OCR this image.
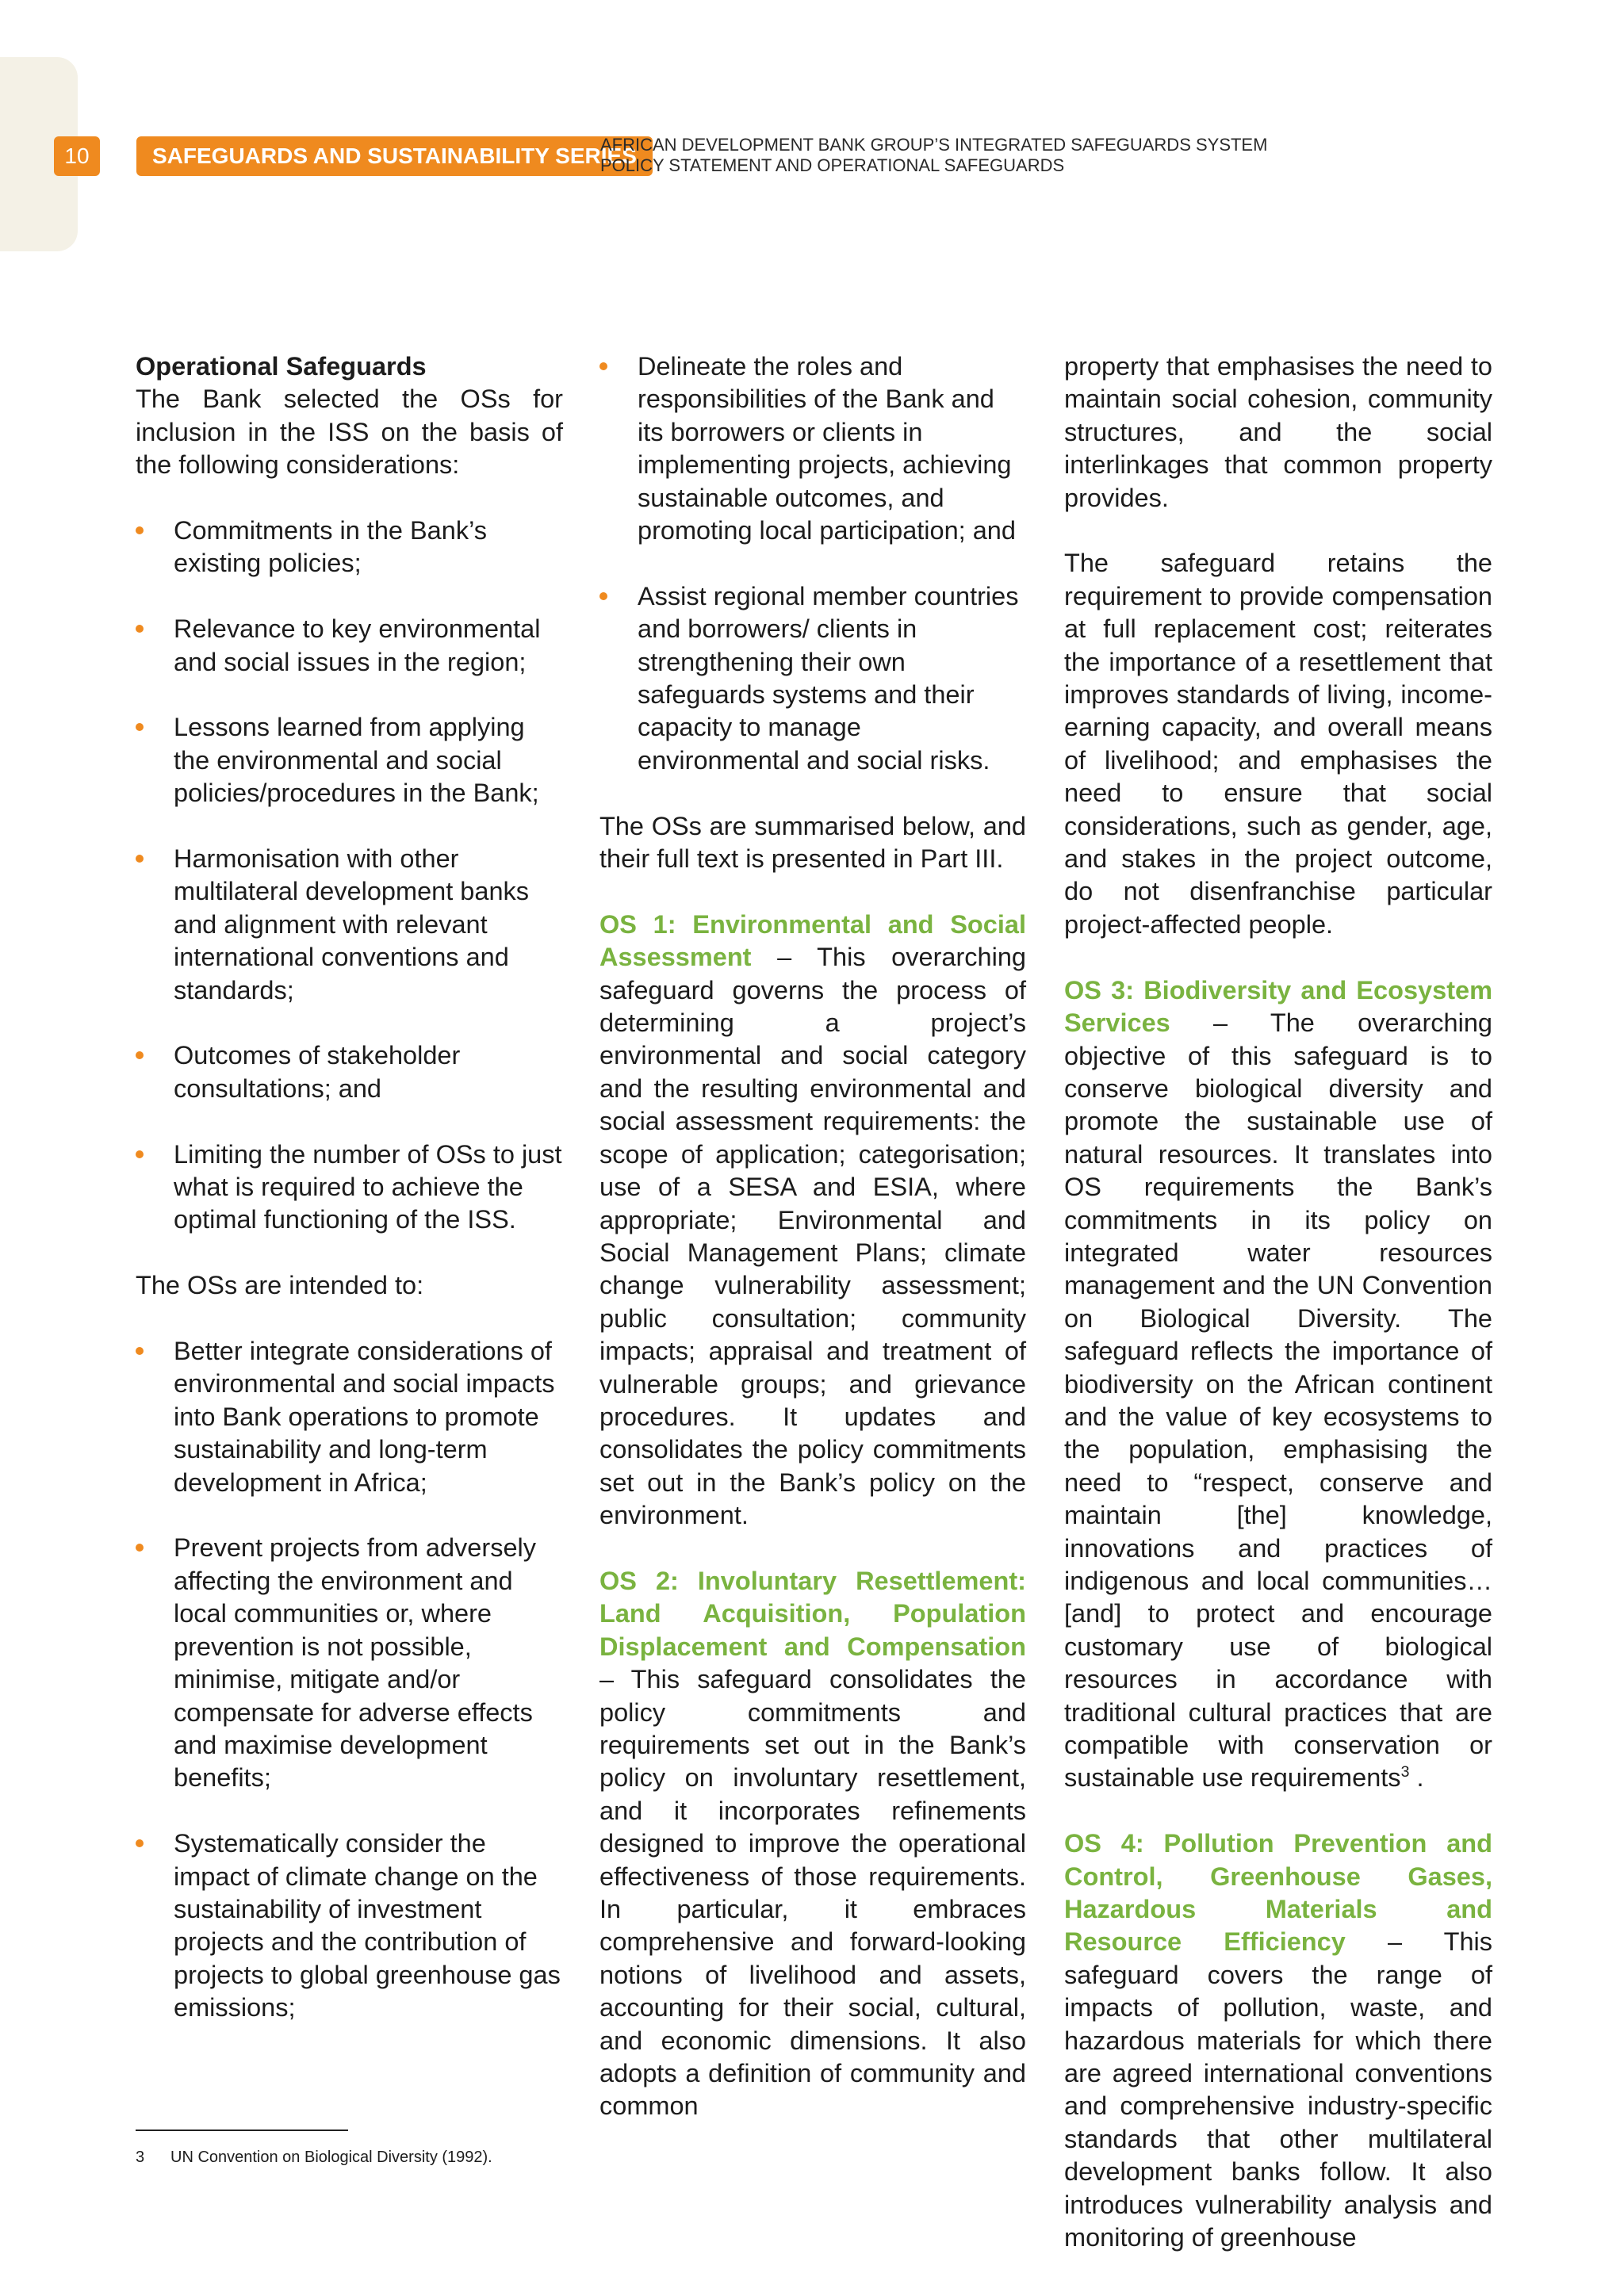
10	SAFEGUARDS AND SUSTAINABILITY SERIES
AFRICAN DEVELOPMENT BANK GROUP’S INTEGRATED SAFEGUARDS SYSTEM
POLICY STATEMENT AND OPERATIONAL SAFEGUARDS
Operational Safeguards

The Bank selected the OSs for inclusion in the ISS on the basis of the following considerations:

Commitments in the Bank’s existing policies;
Relevance to key environmental and social issues in the region;
Lessons learned from applying the environmental and social policies/procedures in the Bank;
Harmonisation with other multilateral development banks and alignment with relevant international conventions and standards;
Outcomes of stakeholder consultations; and
Limiting the number of OSs to just what is required to achieve the optimal functioning of the ISS.

The OSs are intended to:

Better integrate considerations of environmental and social impacts into Bank operations to promote sustainability and long-term development in Africa;
Prevent projects from adversely affecting the environment and local communities or, where prevention is not possible, minimise, mitigate and/or compensate for adverse effects and maximise development benefits;
Systematically consider the impact of climate change on the sustainability of investment projects and the contribution of projects to global greenhouse gas emissions;
Delineate the roles and responsibilities of the Bank and its borrowers or clients in implementing projects, achieving sustainable outcomes, and promoting local participation; and
Assist regional member countries and borrowers/ clients in strengthening their own safeguards systems and their capacity to manage environmental and social risks.

The OSs are summarised below, and their full text is presented in Part III.

OS 1: Environmental and Social Assessment – This overarching safeguard governs the process of determining a project’s environmental and social category and the resulting environmental and social assessment requirements: the scope of application; categorisation; use of a SESA and ESIA, where appropriate; Environmental and Social Management Plans; climate change vulnerability assessment; public consultation; community impacts; appraisal and treatment of vulnerable groups; and grievance procedures. It updates and consolidates the policy commitments set out in the Bank’s policy on the environment.

OS 2: Involuntary Resettlement: Land Acquisition, Population Displacement and Compensation – This safeguard consolidates the policy commitments and requirements set out in the Bank’s policy on involuntary resettlement, and it incorporates refinements designed to improve the operational effectiveness of those requirements. In particular, it embraces comprehensive and forward-looking notions of livelihood and assets, accounting for their social, cultural, and economic dimensions. It also adopts a definition of community and common

property that emphasises the need to maintain social cohesion, community structures, and the social interlinkages that common property provides.

The safeguard retains the requirement to provide compensation at full replacement cost; reiterates the importance of a resettlement that improves standards of living, income-earning capacity, and overall means of livelihood; and emphasises the need to ensure that social considerations, such as gender, age, and stakes in the project outcome, do not disenfranchise particular project-affected people.

OS 3: Biodiversity and Ecosystem Services – The overarching objective of this safeguard is to conserve biological diversity and promote the sustainable use of natural resources. It translates into OS requirements the Bank’s commitments in its policy on integrated water resources management and the UN Convention on Biological Diversity. The safeguard reflects the importance of biodiversity on the African continent and the value of key ecosystems to the population, emphasising the need to “respect, conserve and maintain [the] knowledge, innovations and practices of indigenous and local communities… [and] to protect and encourage customary use of biological resources in accordance with traditional cultural practices that are compatible with conservation or sustainable use requirements$^3$ .

OS 4: Pollution Prevention and Control, Greenhouse Gases, Hazardous Materials and Resource Efficiency – This safeguard covers the range of impacts of pollution, waste, and hazardous materials for which there are agreed international conventions and comprehensive industry-specific standards that other multilateral development banks follow. It also introduces vulnerability analysis and monitoring of greenhouse

3 UN Convention on Biological Diversity (1992).
